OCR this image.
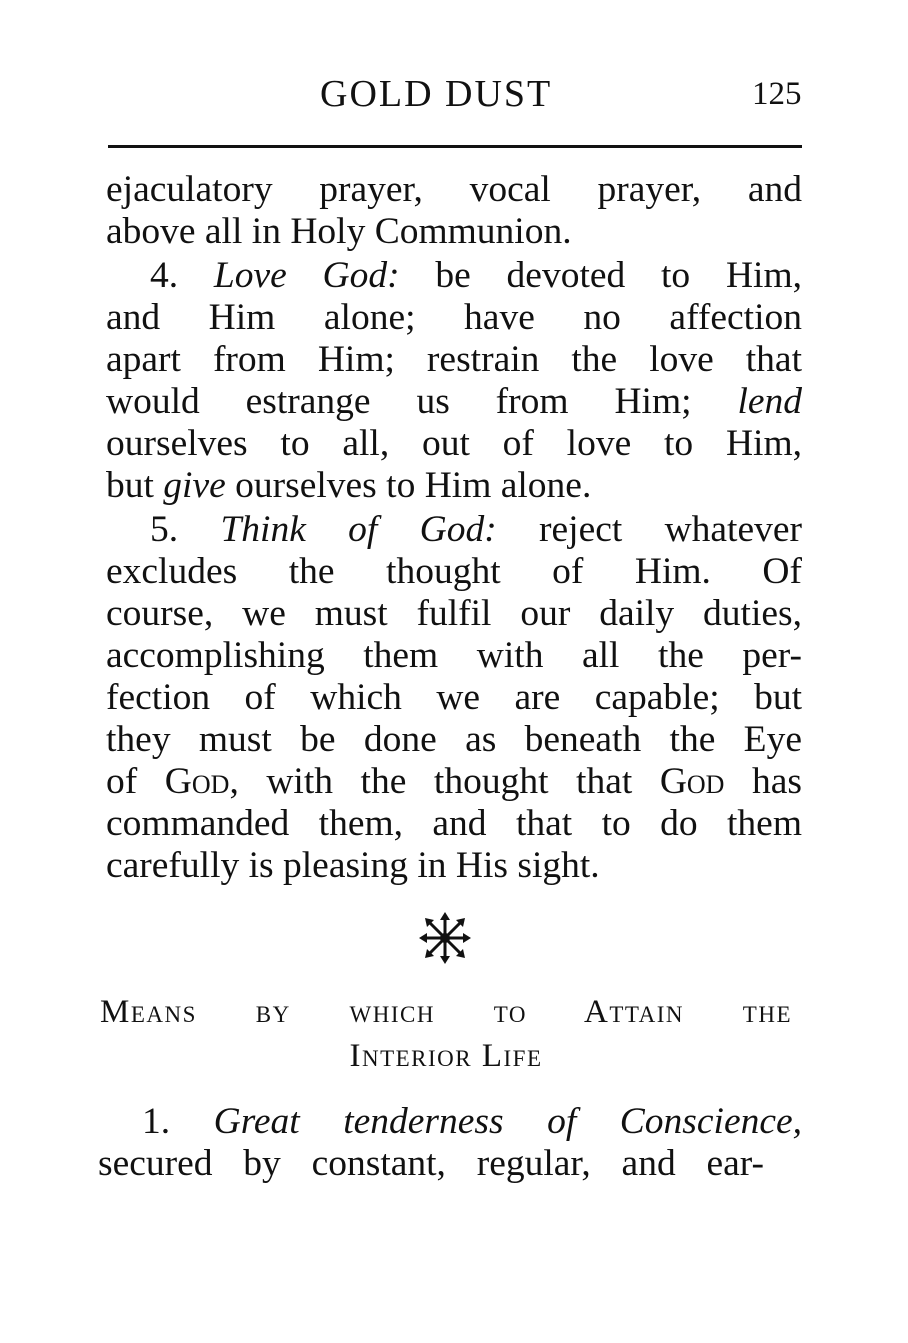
GOLD DUST	125
ejaculatory prayer, vocal prayer, and
above all in Holy Communion.
4. Love God: be devoted to Him,
and Him alone; have no affection
apart from Him; restrain the love that
would estrange us from Him; lend
ourselves to all, out of love to Him,
but give ourselves to Him alone.
5. Think of God: reject whatever
excludes the thought of Him. Of
course, we must fulfil our daily duties,
accomplishing them with all the per-
fection of which we are capable; but
they must be done as beneath the Eye
of God, with the thought that God has
commanded them, and that to do them
carefully is pleasing in His sight.
Means by which to Attain the
Interior Life
1. Great tenderness of Conscience,
secured by constant, regular, and ear-
